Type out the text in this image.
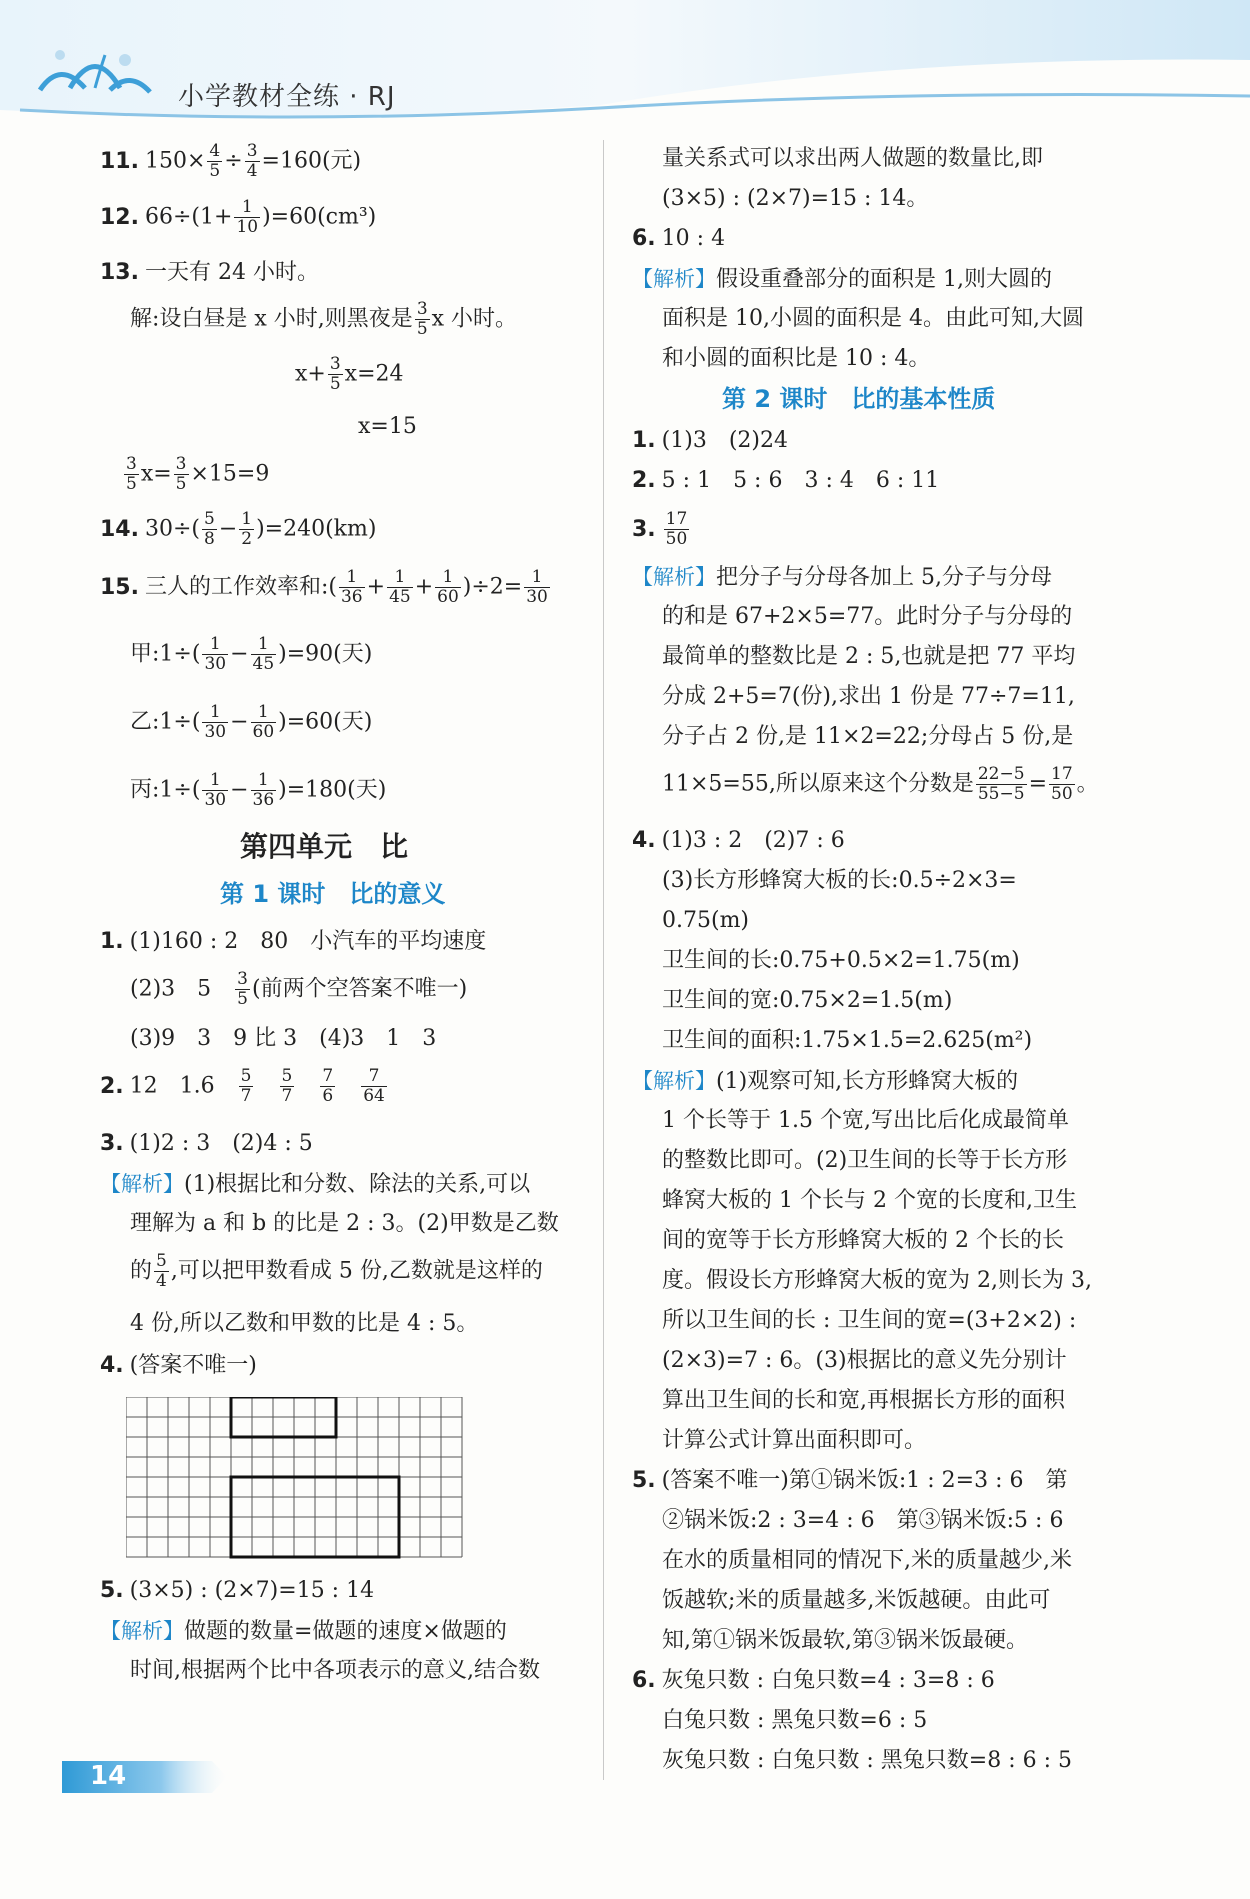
小学教材全练 · RJ
11. $150\times \frac{4}{5} \div \frac{3}{4} =160$(元)
12. $66\div(1+ \frac{1}{10} )=60(cm^3)$
13. 一天有 24 小时。
解:设白昼是 x 小时,则黑夜是 $\frac{3}{5}$ x 小时。
$x+ \frac{3}{5} x=24$
x=15
$\frac{3}{5} x= \frac{3}{5} \times 15=9$
14. $30\div( \frac{5}{8} - \frac{1}{2} )=240(km)$
15. 三人的工作效率和:( $\frac{1}{36} + \frac{1}{45} + \frac{1}{60} )\div 2= \frac{1}{30}$
甲:1÷( $\frac{1}{30} - \frac{1}{45} )=90$(天)
乙:1÷( $\frac{1}{30} - \frac{1}{60} )=60$(天)
丙:1÷( $\frac{1}{30} - \frac{1}{36} )=180$(天)
第四单元　比
第 1 课时　比的意义
1. (1)160 : 2　80　小汽车的平均速度
(2)3　5　 $\frac{3}{5}$ (前两个空答案不唯一)
(3)9　3　9 比 3　(4)3　1　3
2. 12　1.6　 $\frac{5}{7}$
　 $\frac{5}{7}$
　 $\frac{7}{6}$
　 $\frac{7}{64}$
3. (1)2 : 3　(2)4 : 5
【解析】(1)根据比和分数、除法的关系,可以
理解为 a 和 b 的比是 2 : 3。(2)甲数是乙数
的 $\frac{5}{4}$ ,可以把甲数看成 5 份,乙数就是这样的
4 份,所以乙数和甲数的比是 4 : 5。
4. (答案不唯一)
5. (3×5) : (2×7)=15 : 14
【解析】做题的数量=做题的速度×做题的
时间,根据两个比中各项表示的意义,结合数
量关系式可以求出两人做题的数量比,即
(3×5) : (2×7)=15 : 14。
6. 10 : 4
【解析】假设重叠部分的面积是 1,则大圆的
面积是 10,小圆的面积是 4。由此可知,大圆
和小圆的面积比是 10 : 4。
第 2 课时　比的基本性质
1. (1)3　(2)24
2. 5 : 1　5 : 6　3 : 4　6 : 11
3. $\frac{17}{50}$
【解析】把分子与分母各加上 5,分子与分母
的和是 67+2×5=77。此时分子与分母的
最简单的整数比是 2 : 5,也就是把 77 平均
分成 2+5=7(份),求出 1 份是 77÷7=11,
分子占 2 份,是 11×2=22;分母占 5 份,是
11×5=55,所以原来这个分数是 $\frac{22-5}{55-5} = \frac{17}{50}$ 。
4. (1)3 : 2　(2)7 : 6
(3)长方形蜂窝大板的长:0.5÷2×3=
0.75(m)
卫生间的长:0.75+0.5×2=1.75(m)
卫生间的宽:0.75×2=1.5(m)
卫生间的面积:1.75×1.5=2.625(m²)
【解析】(1)观察可知,长方形蜂窝大板的
1 个长等于 1.5 个宽,写出比后化成最简单
的整数比即可。(2)卫生间的长等于长方形
蜂窝大板的 1 个长与 2 个宽的长度和,卫生
间的宽等于长方形蜂窝大板的 2 个长的长
度。假设长方形蜂窝大板的宽为 2,则长为 3,
所以卫生间的长 : 卫生间的宽=(3+2×2) :
(2×3)=7 : 6。(3)根据比的意义先分别计
算出卫生间的长和宽,再根据长方形的面积
计算公式计算出面积即可。
5. (答案不唯一)第①锅米饭:1 : 2=3 : 6　第
②锅米饭:2 : 3=4 : 6　第③锅米饭:5 : 6
在水的质量相同的情况下,米的质量越少,米
饭越软;米的质量越多,米饭越硬。由此可
知,第①锅米饭最软,第③锅米饭最硬。
6. 灰兔只数 : 白兔只数=4 : 3=8 : 6
白兔只数 : 黑兔只数=6 : 5
灰兔只数 : 白兔只数 : 黑兔只数=8 : 6 : 5
14
